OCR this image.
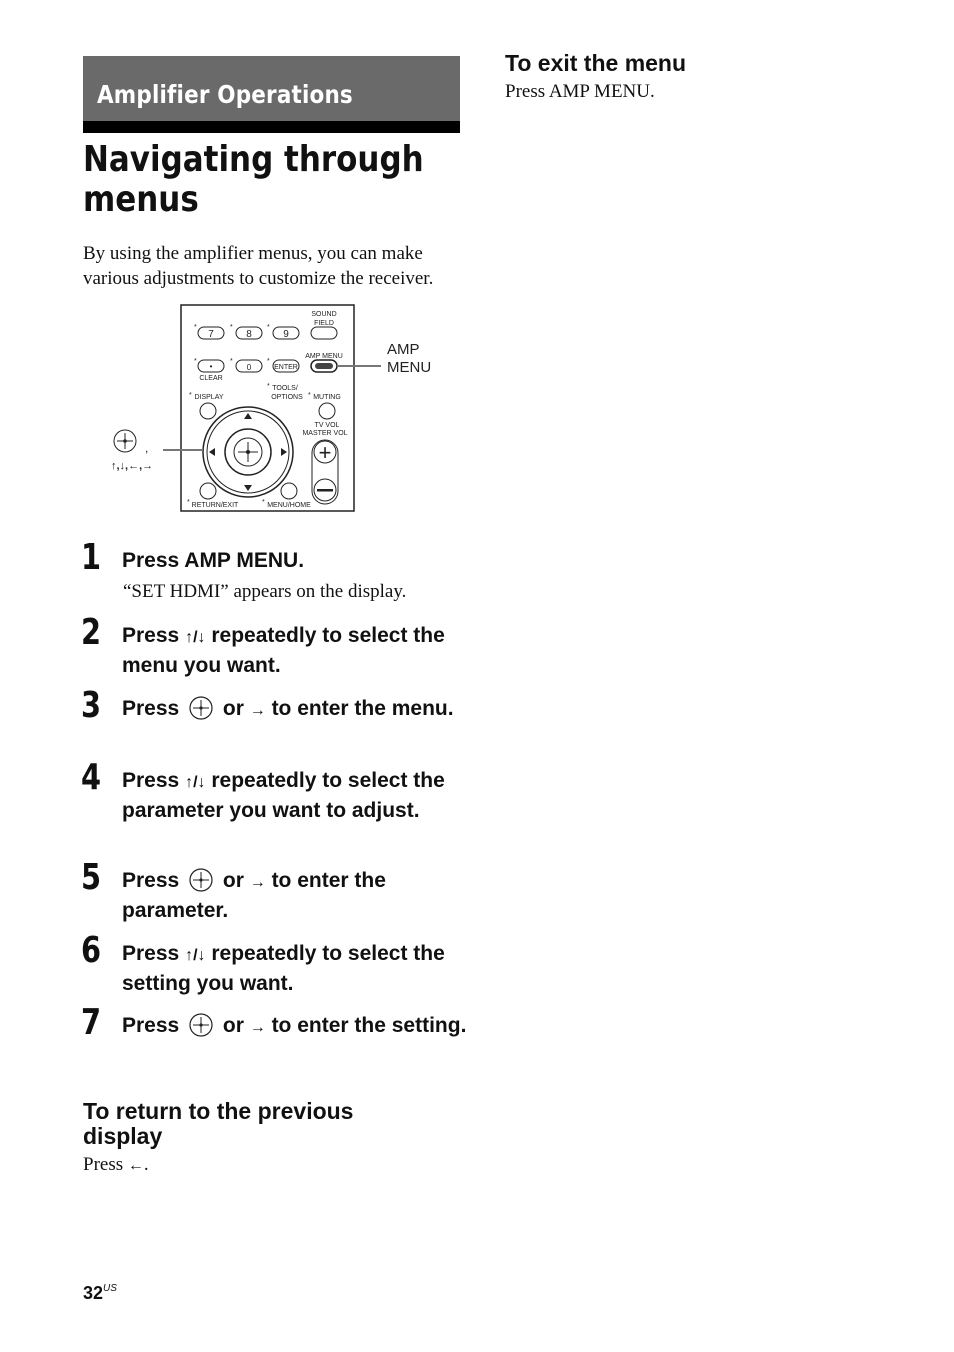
Amplifier Operations
Navigating through
menus
By using the amplifier menus, you can make various adjustments to customize the receiver.
*
7
*
8
*
9
SOUND
FIELD
*
•
CLEAR
*
0
*
ENTER
AMP MENU
* TOOLS/
OPTIONS
* DISPLAY	* MUTING
TV VOL
MASTER VOL
+
* RETURN/EXIT	* MENU/HOME
AMP
MENU
,
↑,↓,←,→
1 Press AMP MENU.
“SET HDMI” appears on the display.
2 Press ↑/↓ repeatedly to select the menu you want.
3 Press  or → to enter the menu.
4 Press ↑/↓ repeatedly to select the parameter you want to adjust.
5 Press  or → to enter the parameter.
6 Press ↑/↓ repeatedly to select the setting you want.
7 Press  or → to enter the setting.
To return to the previous display
Press ←.
To exit the menu
Press AMP MENU.
$32^{US}$
